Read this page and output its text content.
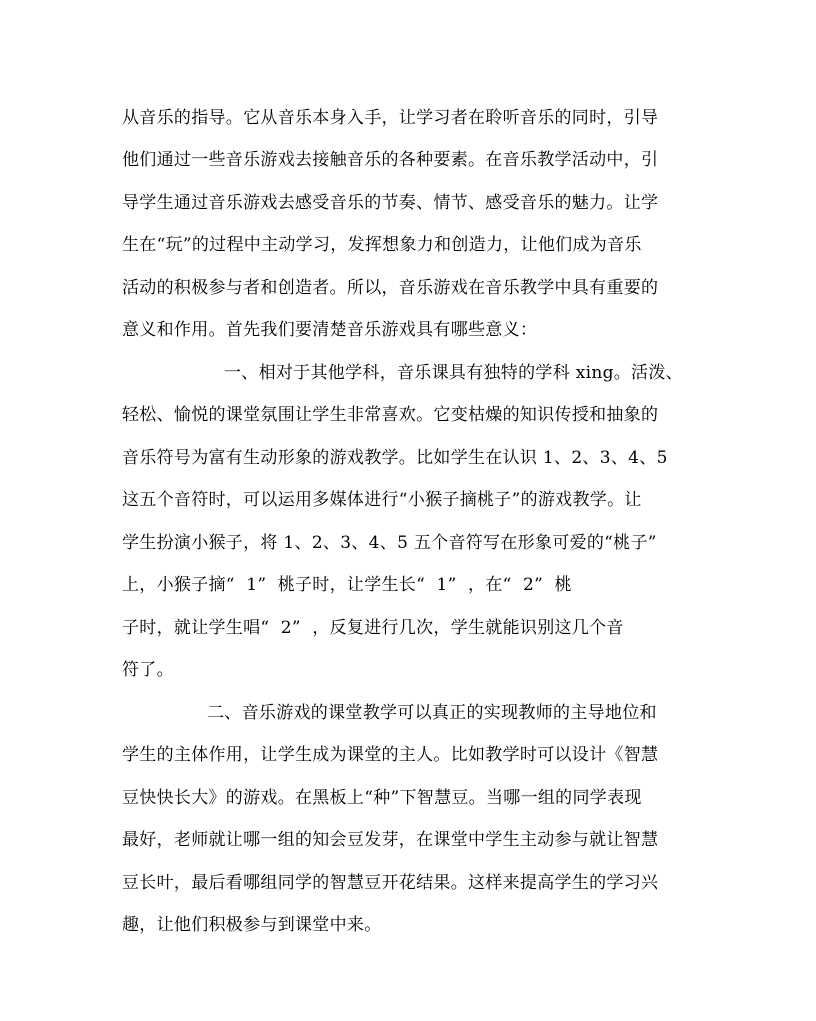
从音乐的指导。它从音乐本身入手，让学习者在聆听音乐的同时，引导
他们通过一些音乐游戏去接触音乐的各种要素。在音乐教学活动中，引
导学生通过音乐游戏去感受音乐的节奏、情节、感受音乐的魅力。让学
生在“玩”的过程中主动学习，发挥想象力和创造力，让他们成为音乐
活动的积极参与者和创造者。所以，音乐游戏在音乐教学中具有重要的
意义和作用。首先我们要清楚音乐游戏具有哪些意义：
一、相对于其他学科，音乐课具有独特的学科 xing。活泼、
轻松、愉悦的课堂氛围让学生非常喜欢。它变枯燥的知识传授和抽象的
音乐符号为富有生动形象的游戏教学。比如学生在认识 1、2、3、4、5
这五个音符时，可以运用多媒体进行“小猴子摘桃子”的游戏教学。让
学生扮演小猴子，将 1、2、3、4、5 五个音符写在形象可爱的“桃子”
上，小猴子摘“  1”  桃子时，让学生长“  1”  ，在“  2”  桃
子时，就让学生唱“  2”  ，反复进行几次，学生就能识别这几个音
符了。
二、音乐游戏的课堂教学可以真正的实现教师的主导地位和
学生的主体作用，让学生成为课堂的主人。比如教学时可以设计《智慧
豆快快长大》的游戏。在黑板上“种”下智慧豆。当哪一组的同学表现
最好，老师就让哪一组的知会豆发芽，在课堂中学生主动参与就让智慧
豆长叶，最后看哪组同学的智慧豆开花结果。这样来提高学生的学习兴
趣，让他们积极参与到课堂中来。
